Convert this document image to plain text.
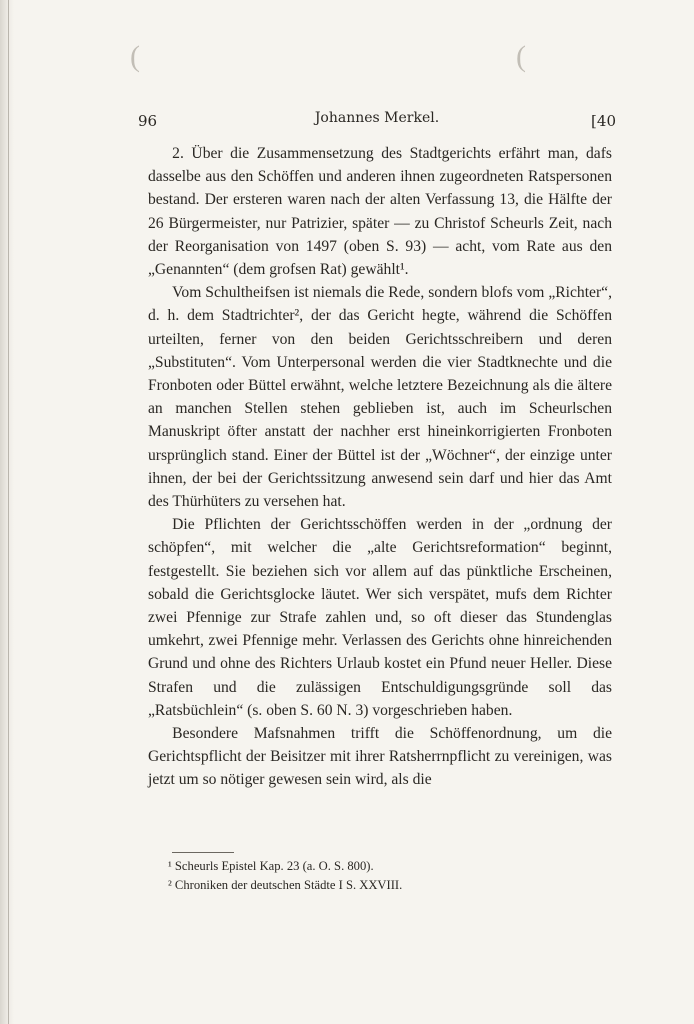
(	(
96	Johannes Merkel.	[40

2. Über die Zusammensetzung des Stadtgerichts erfährt man, dafs dasselbe aus den Schöffen und anderen ihnen zugeordneten Ratspersonen bestand. Der ersteren waren nach der alten Verfassung 13, die Hälfte der 26 Bürgermeister, nur Patrizier, später — zu Christof Scheurls Zeit, nach der Reorganisation von 1497 (oben S. 93) — acht, vom Rate aus den „Genannten“ (dem grofsen Rat) gewählt¹.

Vom Schultheifsen ist niemals die Rede, sondern blofs vom „Richter“, d. h. dem Stadtrichter², der das Gericht hegte, während die Schöffen urteilten, ferner von den beiden Gerichtsschreibern und deren „Substituten“. Vom Unterpersonal werden die vier Stadtknechte und die Fronboten oder Büttel erwähnt, welche letztere Bezeichnung als die ältere an manchen Stellen stehen geblieben ist, auch im Scheurlschen Manuskript öfter anstatt der nachher erst hineinkorrigierten Fronboten ursprünglich stand. Einer der Büttel ist der „Wöchner“, der einzige unter ihnen, der bei der Gerichtssitzung anwesend sein darf und hier das Amt des Thürhüters zu versehen hat.

Die Pflichten der Gerichtsschöffen werden in der „ordnung der schöpfen“, mit welcher die „alte Gerichtsreformation“ beginnt, festgestellt. Sie beziehen sich vor allem auf das pünktliche Erscheinen, sobald die Gerichtsglocke läutet. Wer sich verspätet, mufs dem Richter zwei Pfennige zur Strafe zahlen und, so oft dieser das Stundenglas umkehrt, zwei Pfennige mehr. Verlassen des Gerichts ohne hinreichenden Grund und ohne des Richters Urlaub kostet ein Pfund neuer Heller. Diese Strafen und die zulässigen Entschuldigungsgründe soll das „Ratsbüchlein“ (s. oben S. 60 N. 3) vorgeschrieben haben.

Besondere Mafsnahmen trifft die Schöffenordnung, um die Gerichtspflicht der Beisitzer mit ihrer Ratsherrnpflicht zu vereinigen, was jetzt um so nötiger gewesen sein wird, als die

¹ Scheurls Epistel Kap. 23 (a. O. S. 800).

² Chroniken der deutschen Städte I S. XXVIII.
